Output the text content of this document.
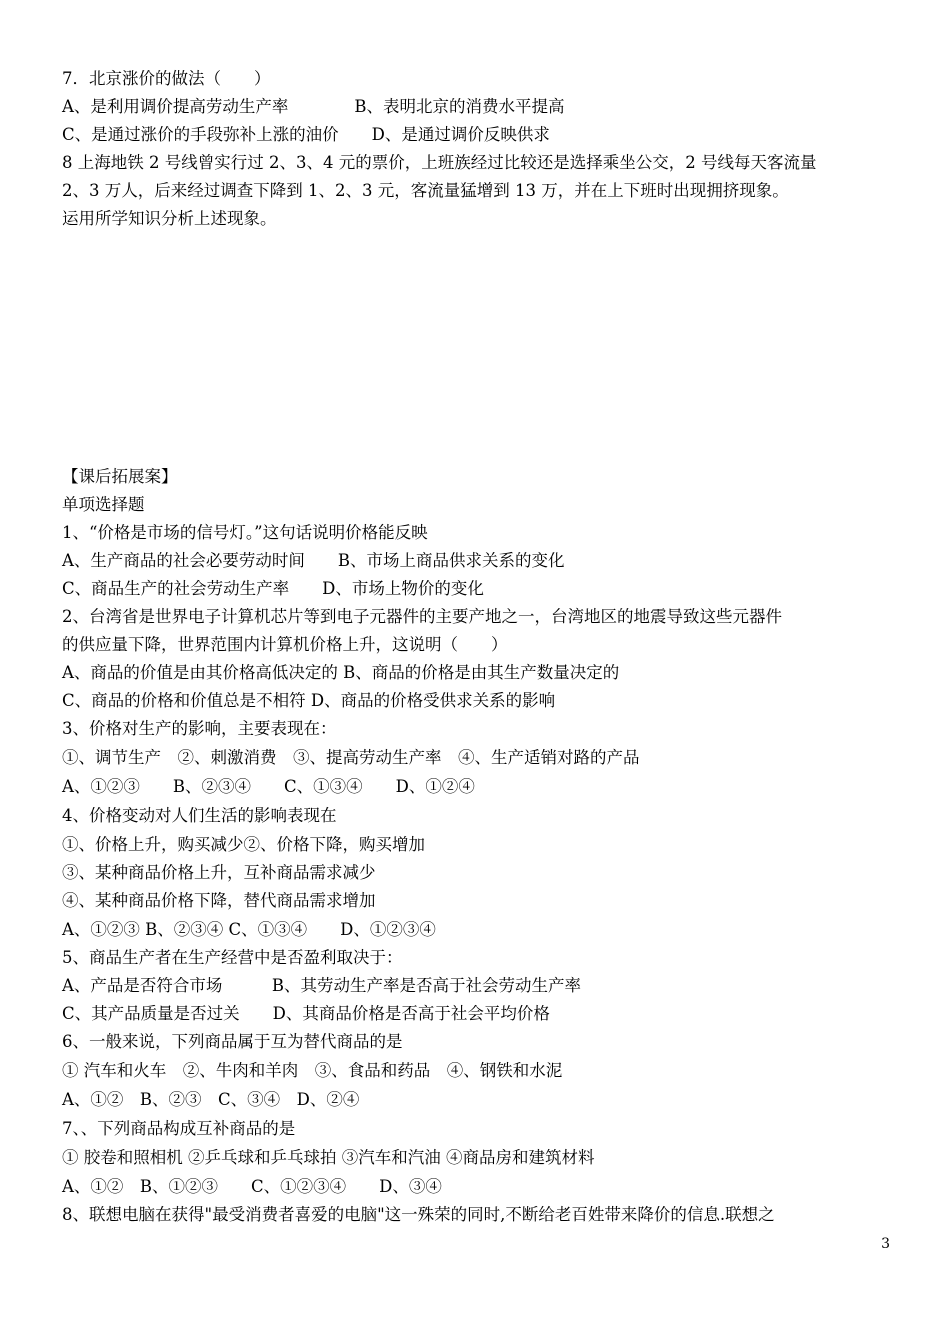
7．北京涨价的做法（　　）
A、是利用调价提高劳动生产率　　　　B、表明北京的消费水平提高
C、是通过涨价的手段弥补上涨的油价　　D、是通过调价反映供求
8 上海地铁 2 号线曾实行过 2、3、4 元的票价，上班族经过比较还是选择乘坐公交，2 号线每天客流量
2、3 万人，后来经过调查下降到 1、2、3 元，客流量猛增到 13 万，并在上下班时出现拥挤现象。
运用所学知识分析上述现象。
【课后拓展案】
单项选择题
1、“价格是市场的信号灯。”这句话说明价格能反映
A、生产商品的社会必要劳动时间　　B、市场上商品供求关系的变化
C、商品生产的社会劳动生产率　　D、市场上物价的变化
2、台湾省是世界电子计算机芯片等到电子元器件的主要产地之一，台湾地区的地震导致这些元器件
的供应量下降，世界范围内计算机价格上升，这说明（　　）
A、商品的价值是由其价格高低决定的 B、商品的价格是由其生产数量决定的
C、商品的价格和价值总是不相符 D、商品的价格受供求关系的影响
3、价格对生产的影响，主要表现在：
①、调节生产　②、刺激消费　③、提高劳动生产率　④、生产适销对路的产品
A、①②③　　B、②③④　　C、①③④　　D、①②④
4、价格变动对人们生活的影响表现在
①、价格上升，购买减少②、价格下降，购买增加
③、某种商品价格上升，互补商品需求减少
④、某种商品价格下降，替代商品需求增加
A、①②③ B、②③④ C、①③④　　D、①②③④
5、商品生产者在生产经营中是否盈利取决于：
A、产品是否符合市场　　　B、其劳动生产率是否高于社会劳动生产率
C、其产品质量是否过关　　D、其商品价格是否高于社会平均价格
6、一般来说，下列商品属于互为替代商品的是
① 汽车和火车　②、牛肉和羊肉　③、食品和药品　④、钢铁和水泥
A、①②　B、②③　C、③④　D、②④
7、、下列商品构成互补商品的是
① 胶卷和照相机 ②乒乓球和乒乓球拍 ③汽车和汽油 ④商品房和建筑材料
A、①②　B、①②③　　C、①②③④　　D、③④
8、联想电脑在获得"最受消费者喜爱的电脑"这一殊荣的同时,不断给老百姓带来降价的信息.联想之
3
